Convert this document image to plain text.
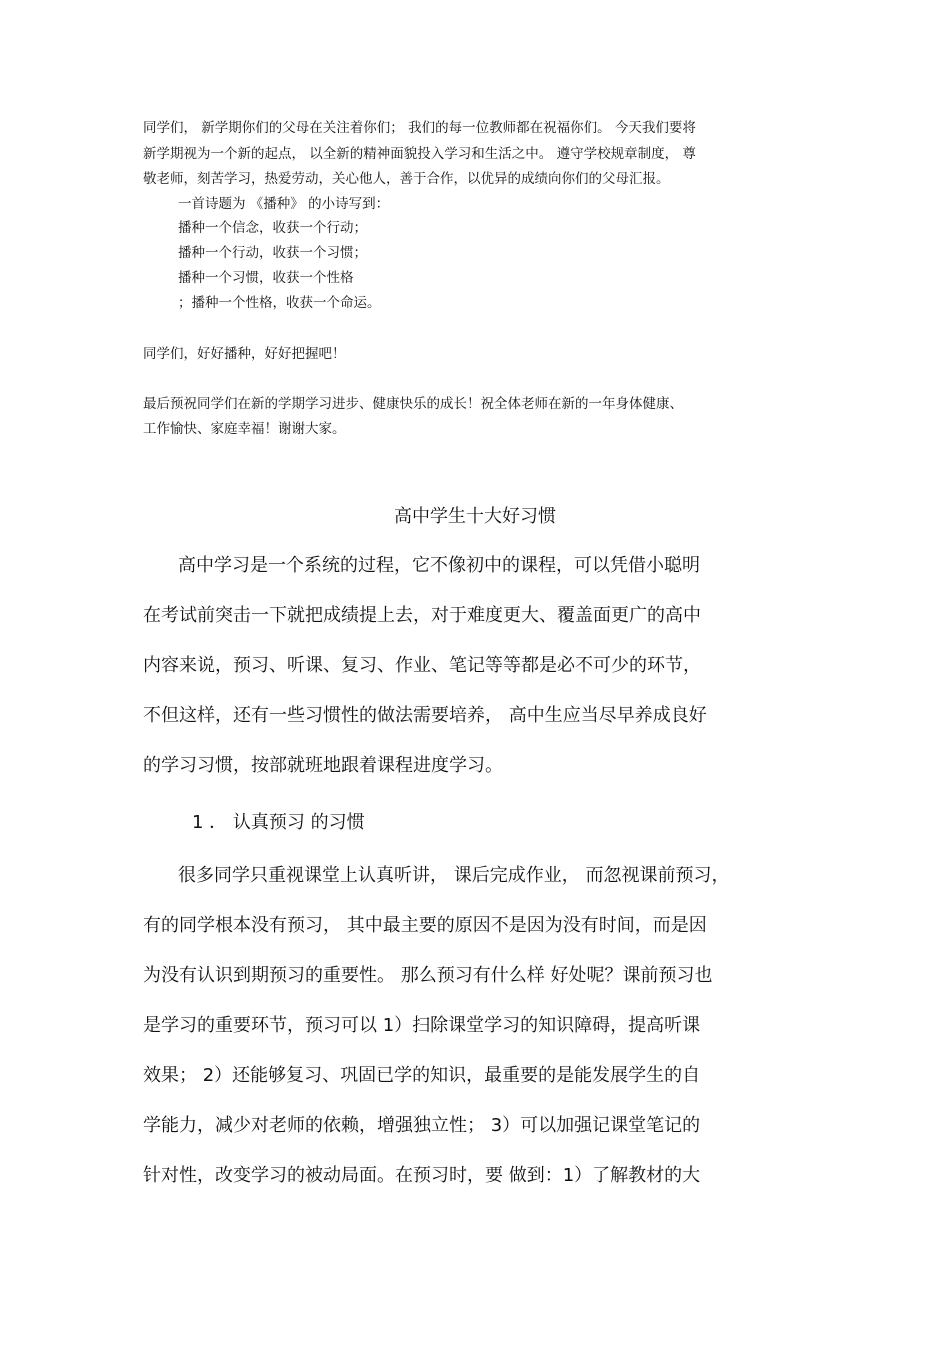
同学们， 新学期你们的父母在关注着你们； 我们的每一位教师都在祝福你们。 今天我们要将
新学期视为一个新的起点， 以全新的精神面貌投入学习和生活之中。 遵守学校规章制度， 尊
敬老师，刻苦学习，热爱劳动，关心他人，善于合作，以优异的成绩向你们的父母汇报。
一首诗题为 《播种》 的小诗写到：
播种一个信念，收获一个行动；
播种一个行动，收获一个习惯；
播种一个习惯，收获一个性格
；播种一个性格，收获一个命运。
同学们，好好播种，好好把握吧！
最后预祝同学们在新的学期学习进步、健康快乐的成长！祝全体老师在新的一年身体健康、
工作愉快、家庭幸福！谢谢大家。
高中学生十大好习惯
高中学习是一个系统的过程，它不像初中的课程，可以凭借小聪明
在考试前突击一下就把成绩提上去，对于难度更大、覆盖面更广的高中
内容来说，预习、听课、复习、作业、笔记等等都是必不可少的环节，
不但这样，还有一些习惯性的做法需要培养， 高中生应当尽早养成良好
的学习习惯，按部就班地跟着课程进度学习。
1 ． 认真预习 的习惯
很多同学只重视课堂上认真听讲， 课后完成作业， 而忽视课前预习，
有的同学根本没有预习， 其中最主要的原因不是因为没有时间，而是因
为没有认识到期预习的重要性。 那么预习有什么样 好处呢？课前预习也
是学习的重要环节，预习可以 1）扫除课堂学习的知识障碍，提高听课
效果； 2）还能够复习、巩固已学的知识，最重要的是能发展学生的自
学能力，减少对老师的依赖，增强独立性； 3）可以加强记课堂笔记的
针对性，改变学习的被动局面。在预习时，要 做到：1）了解教材的大
